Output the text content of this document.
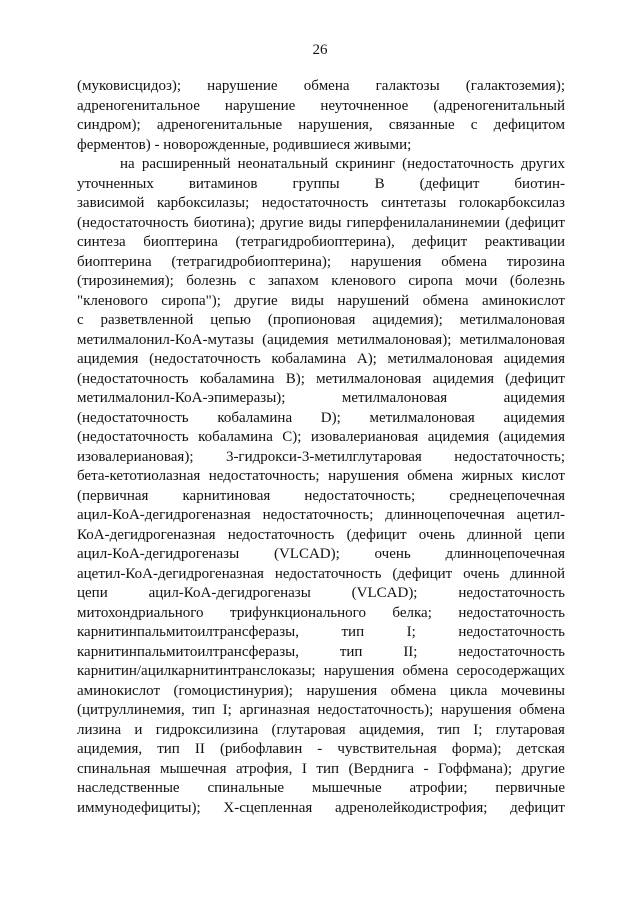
26
(муковисцидоз); нарушение обмена галактозы (галактоземия);
адреногенитальное нарушение неуточненное (адреногенитальный
синдром); адреногенитальные нарушения, связанные с дефицитом
ферментов) - новорожденные, родившиеся живыми;
на расширенный неонатальный скрининг (недостаточность других
уточненных витаминов группы B (дефицит биотин-
зависимой карбоксилазы; недостаточность синтетазы голокарбоксилаз
(недостаточность биотина); другие виды гиперфенилаланинемии (дефицит
синтеза биоптерина (тетрагидробиоптерина), дефицит реактивации
биоптерина (тетрагидробиоптерина); нарушения обмена тирозина
(тирозинемия); болезнь с запахом кленового сиропа мочи (болезнь
"кленового сиропа"); другие виды нарушений обмена аминокислот
с разветвленной цепью (пропионовая ацидемия); метилмалоновая
метилмалонил-КоА-мутазы (ацидемия метилмалоновая); метилмалоновая
ацидемия (недостаточность кобаламина A); метилмалоновая ацидемия
(недостаточность кобаламина B); метилмалоновая ацидемия (дефицит
метилмалонил-КоА-эпимеразы);	метилмалоновая	ацидемия
(недостаточность кобаламина D); метилмалоновая ацидемия
(недостаточность кобаламина C); изовалериановая ацидемия (ацидемия
изовалериановая); 3-гидрокси-3-метилглутаровая недостаточность;
бета-кетотиолазная недостаточность; нарушения обмена жирных кислот
(первичная карнитиновая недостаточность; среднецепочечная
ацил-КоА-дегидрогеназная недостаточность; длинноцепочечная ацетил-
КоА-дегидрогеназная недостаточность (дефицит очень длинной цепи
ацил-КоА-дегидрогеназы (VLCAD); очень длинноцепочечная
ацетил-КоА-дегидрогеназная недостаточность (дефицит очень длинной
цепи	ацил-КоА-дегидрогеназы	(VLCAD);	недостаточность
митохондриального трифункционального белка; недостаточность
карнитинпальмитоилтрансферазы,	тип	I;	недостаточность
карнитинпальмитоилтрансферазы,	тип	II;	недостаточность
карнитин/ацилкарнитинтранслоказы; нарушения обмена серосодержащих
аминокислот (гомоцистинурия); нарушения обмена цикла мочевины
(цитруллинемия, тип I; аргиназная недостаточность); нарушения обмена
лизина и гидроксилизина (глутаровая ацидемия, тип I; глутаровая
ацидемия, тип II (рибофлавин - чувствительная форма); детская
спинальная мышечная атрофия, I тип (Верднига - Гоффмана); другие
наследственные спинальные мышечные атрофии; первичные
иммунодефициты); X-сцепленная адренолейкодистрофия; дефицит
